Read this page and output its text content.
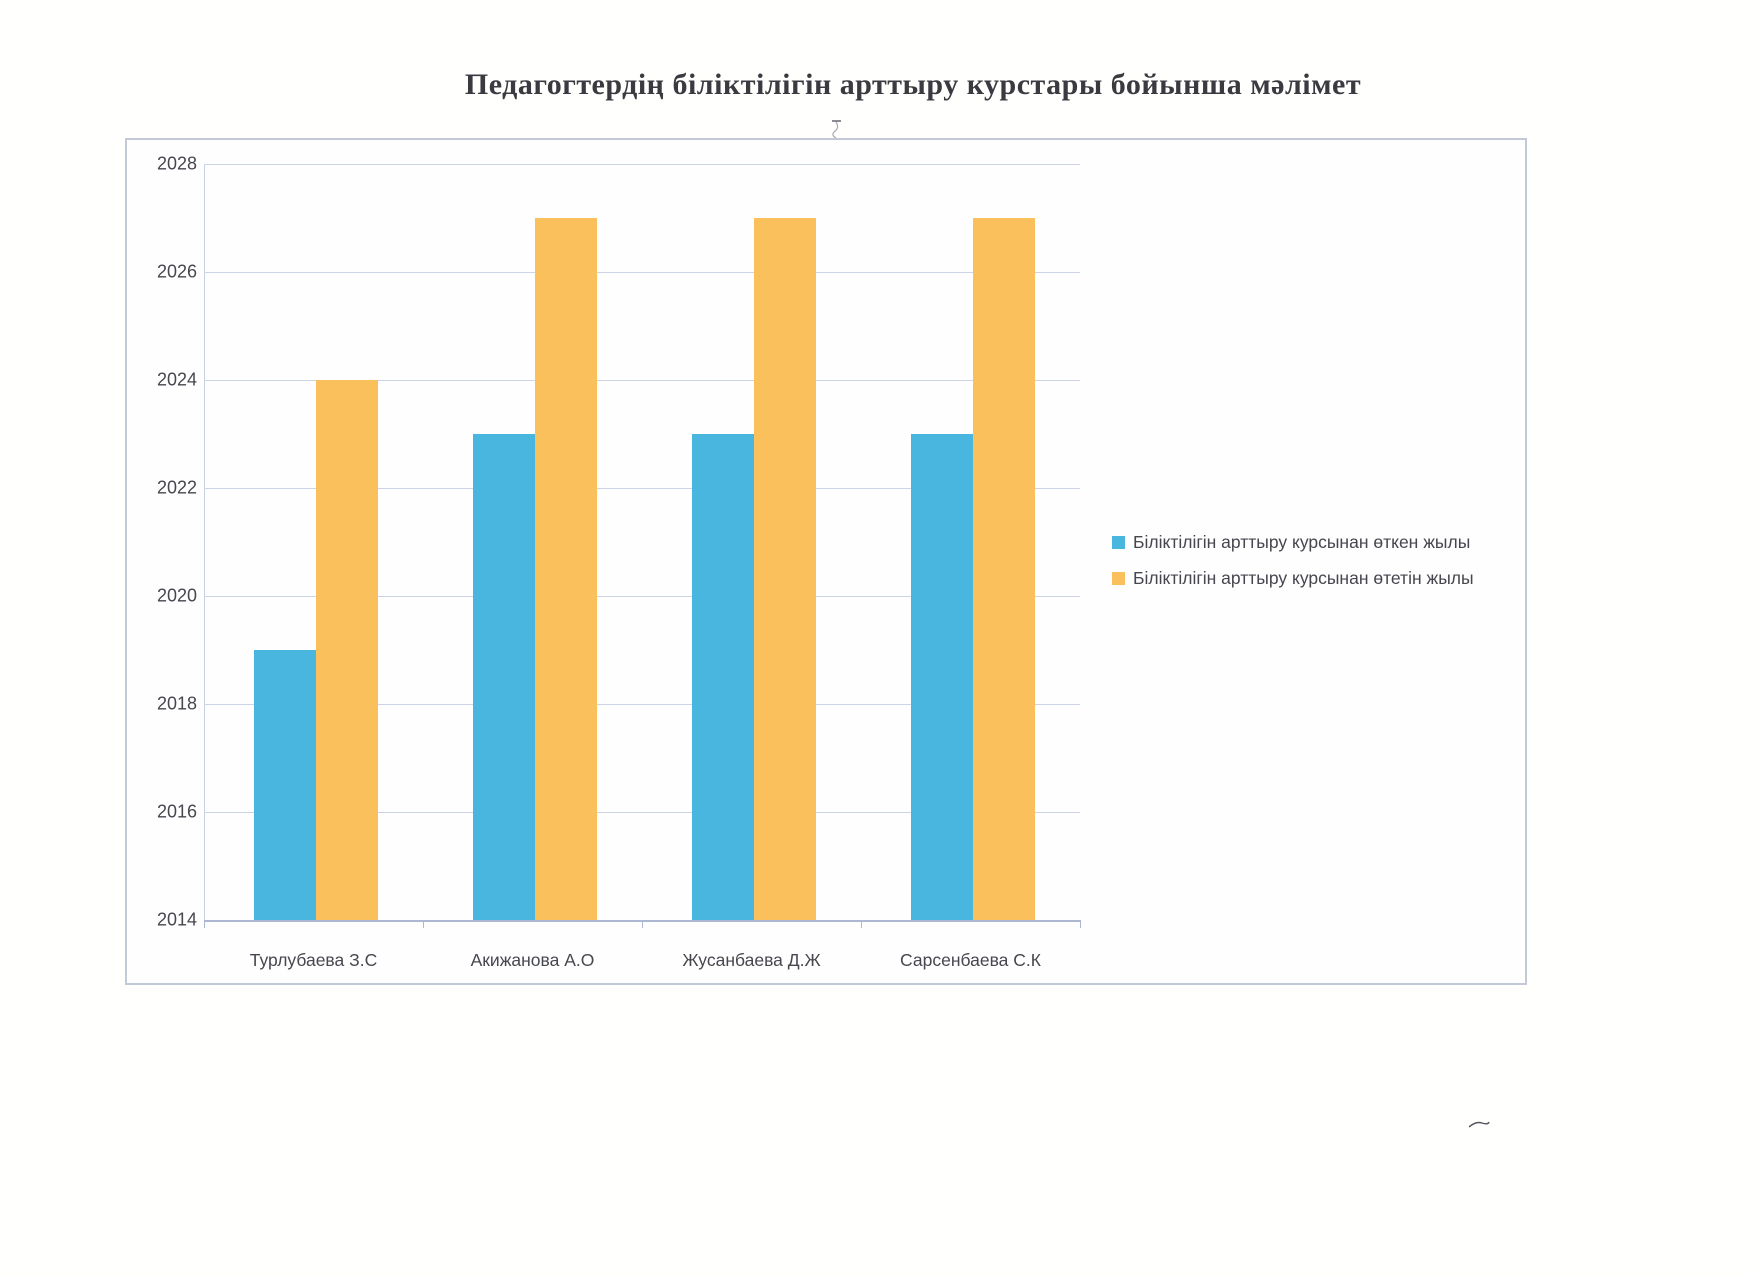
Педагогтердің біліктілігін арттыру курстары бойынша мәлімет
2014
2016
2018
2020
2022
2024
2026
2028
Турлубаева З.С	Акижанова А.О	Жусанбаева Д.Ж	Сарсенбаева С.К
Біліктілігін арттыру курсынан өткен жылы
Біліктілігін арттыру курсынан өтетін жылы
